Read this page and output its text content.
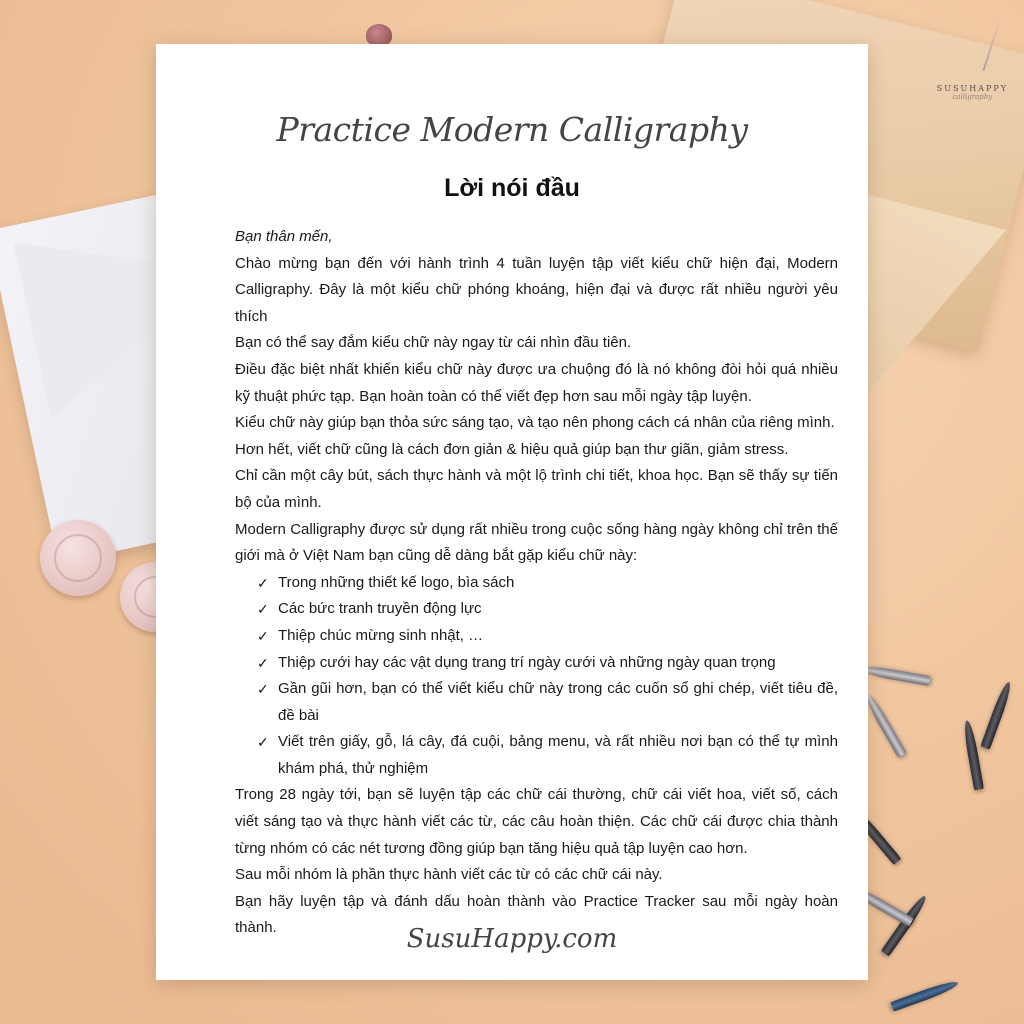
SUSUHAPPY
calligraphy
Practice Modern Calligraphy
Lời nói đầu

Bạn thân mến,

Chào mừng bạn đến với hành trình 4 tuần luyện tập viết kiểu chữ hiện đại, Modern Calligraphy. Đây là một kiểu chữ phóng khoáng, hiện đại và được rất nhiều người yêu thích

Bạn có thể say đắm kiểu chữ này ngay từ cái nhìn đầu tiên.

Điều đặc biệt nhất khiến kiểu chữ này được ưa chuộng đó là nó không đòi hỏi quá nhiều kỹ thuật phức tạp. Bạn hoàn toàn có thể viết đẹp hơn sau mỗi ngày tập luyện.

Kiểu chữ này giúp bạn thỏa sức sáng tạo, và tạo nên phong cách cá nhân của riêng mình.

Hơn hết, viết chữ cũng là cách đơn giản & hiệu quả giúp bạn thư giãn, giảm stress.

Chỉ cần một cây bút, sách thực hành và một lộ trình chi tiết, khoa học. Bạn sẽ thấy sự tiến bộ của mình.

Modern Calligraphy được sử dụng rất nhiều trong cuộc sống hàng ngày không chỉ trên thế giới mà ở Việt Nam bạn cũng dễ dàng bắt gặp kiểu chữ này:

✓ Trong những thiết kế logo, bìa sách
✓ Các bức tranh truyền động lực
✓ Thiệp chúc mừng sinh nhật, …
✓ Thiệp cưới hay các vật dụng trang trí ngày cưới và những ngày quan trọng
✓ Gần gũi hơn, bạn có thể viết kiểu chữ này trong các cuốn sổ ghi chép, viết tiêu đề, đề bài
✓ Viết trên giấy, gỗ, lá cây, đá cuội, bảng menu, và rất nhiều nơi bạn có thể tự mình khám phá, thử nghiệm

Trong 28 ngày tới, bạn sẽ luyện tập các chữ cái thường, chữ cái viết hoa, viết số, cách viết sáng tạo và thực hành viết các từ, các câu hoàn thiện. Các chữ cái được chia thành từng nhóm có các nét tương đồng giúp bạn tăng hiệu quả tập luyện cao hơn.

Sau mỗi nhóm là phần thực hành viết các từ có các chữ cái này.

Bạn hãy luyện tập và đánh dấu hoàn thành vào Practice Tracker sau mỗi ngày hoàn thành.	SusuHappy.com
